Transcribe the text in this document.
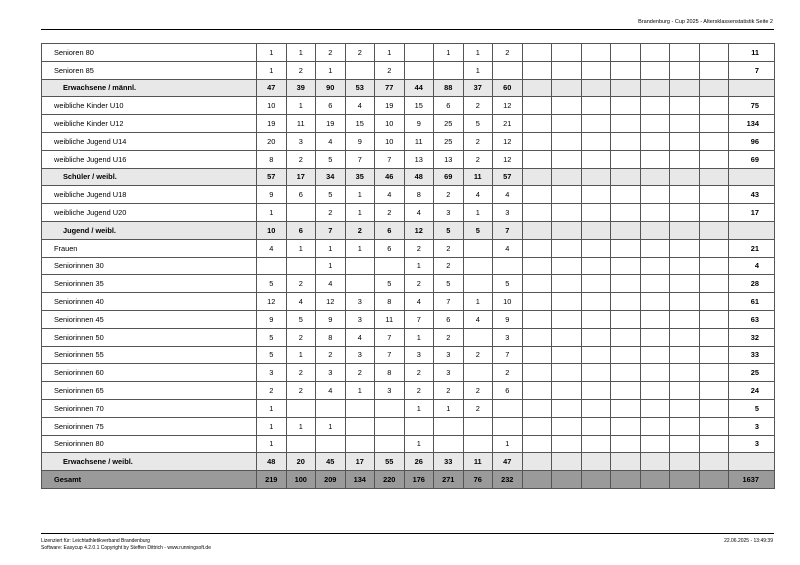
Brandenburg - Cup 2025 - Altersklassenstatistik Seite 2
Senioren 80	1	1	2	2	1		1	1	2								11
Senioren 85	1	2	1		2			1									7
Erwachsene / männl.	47	39	90	53	77	44	88	37	60								
weibliche Kinder U10	10	1	6	4	19	15	6	2	12								75
weibliche Kinder U12	19	11	19	15	10	9	25	5	21								134
weibliche Jugend U14	20	3	4	9	10	11	25	2	12								96
weibliche Jugend U16	8	2	5	7	7	13	13	2	12								69
Schüler / weibl.	57	17	34	35	46	48	69	11	57								
weibliche Jugend U18	9	6	5	1	4	8	2	4	4								43
weibliche Jugend U20	1		2	1	2	4	3	1	3								17
Jugend / weibl.	10	6	7	2	6	12	5	5	7								
Frauen	4	1	1	1	6	2	2		4								21
Seniorinnen 30			1			1	2										4
Seniorinnen 35	5	2	4		5	2	5		5								28
Seniorinnen 40	12	4	12	3	8	4	7	1	10								61
Seniorinnen 45	9	5	9	3	11	7	6	4	9								63
Seniorinnen 50	5	2	8	4	7	1	2		3								32
Seniorinnen 55	5	1	2	3	7	3	3	2	7								33
Seniorinnen 60	3	2	3	2	8	2	3		2								25
Seniorinnen 65	2	2	4	1	3	2	2	2	6								24
Seniorinnen 70	1					1	1	2									5
Seniorinnen 75	1	1	1														3
Seniorinnen 80	1					1			1								3
Erwachsene / weibl.	48	20	45	17	55	26	33	11	47								
Gesamt	219	100	209	134	220	176	271	76	232								1637
Lizenziert für: Leichtathletikverband Brandenburg
Software: Easycup 4.2.0.1 Copyright by Steffen Dittrich - www.runningsoft.de
22.06.2025 - 13:49:39
